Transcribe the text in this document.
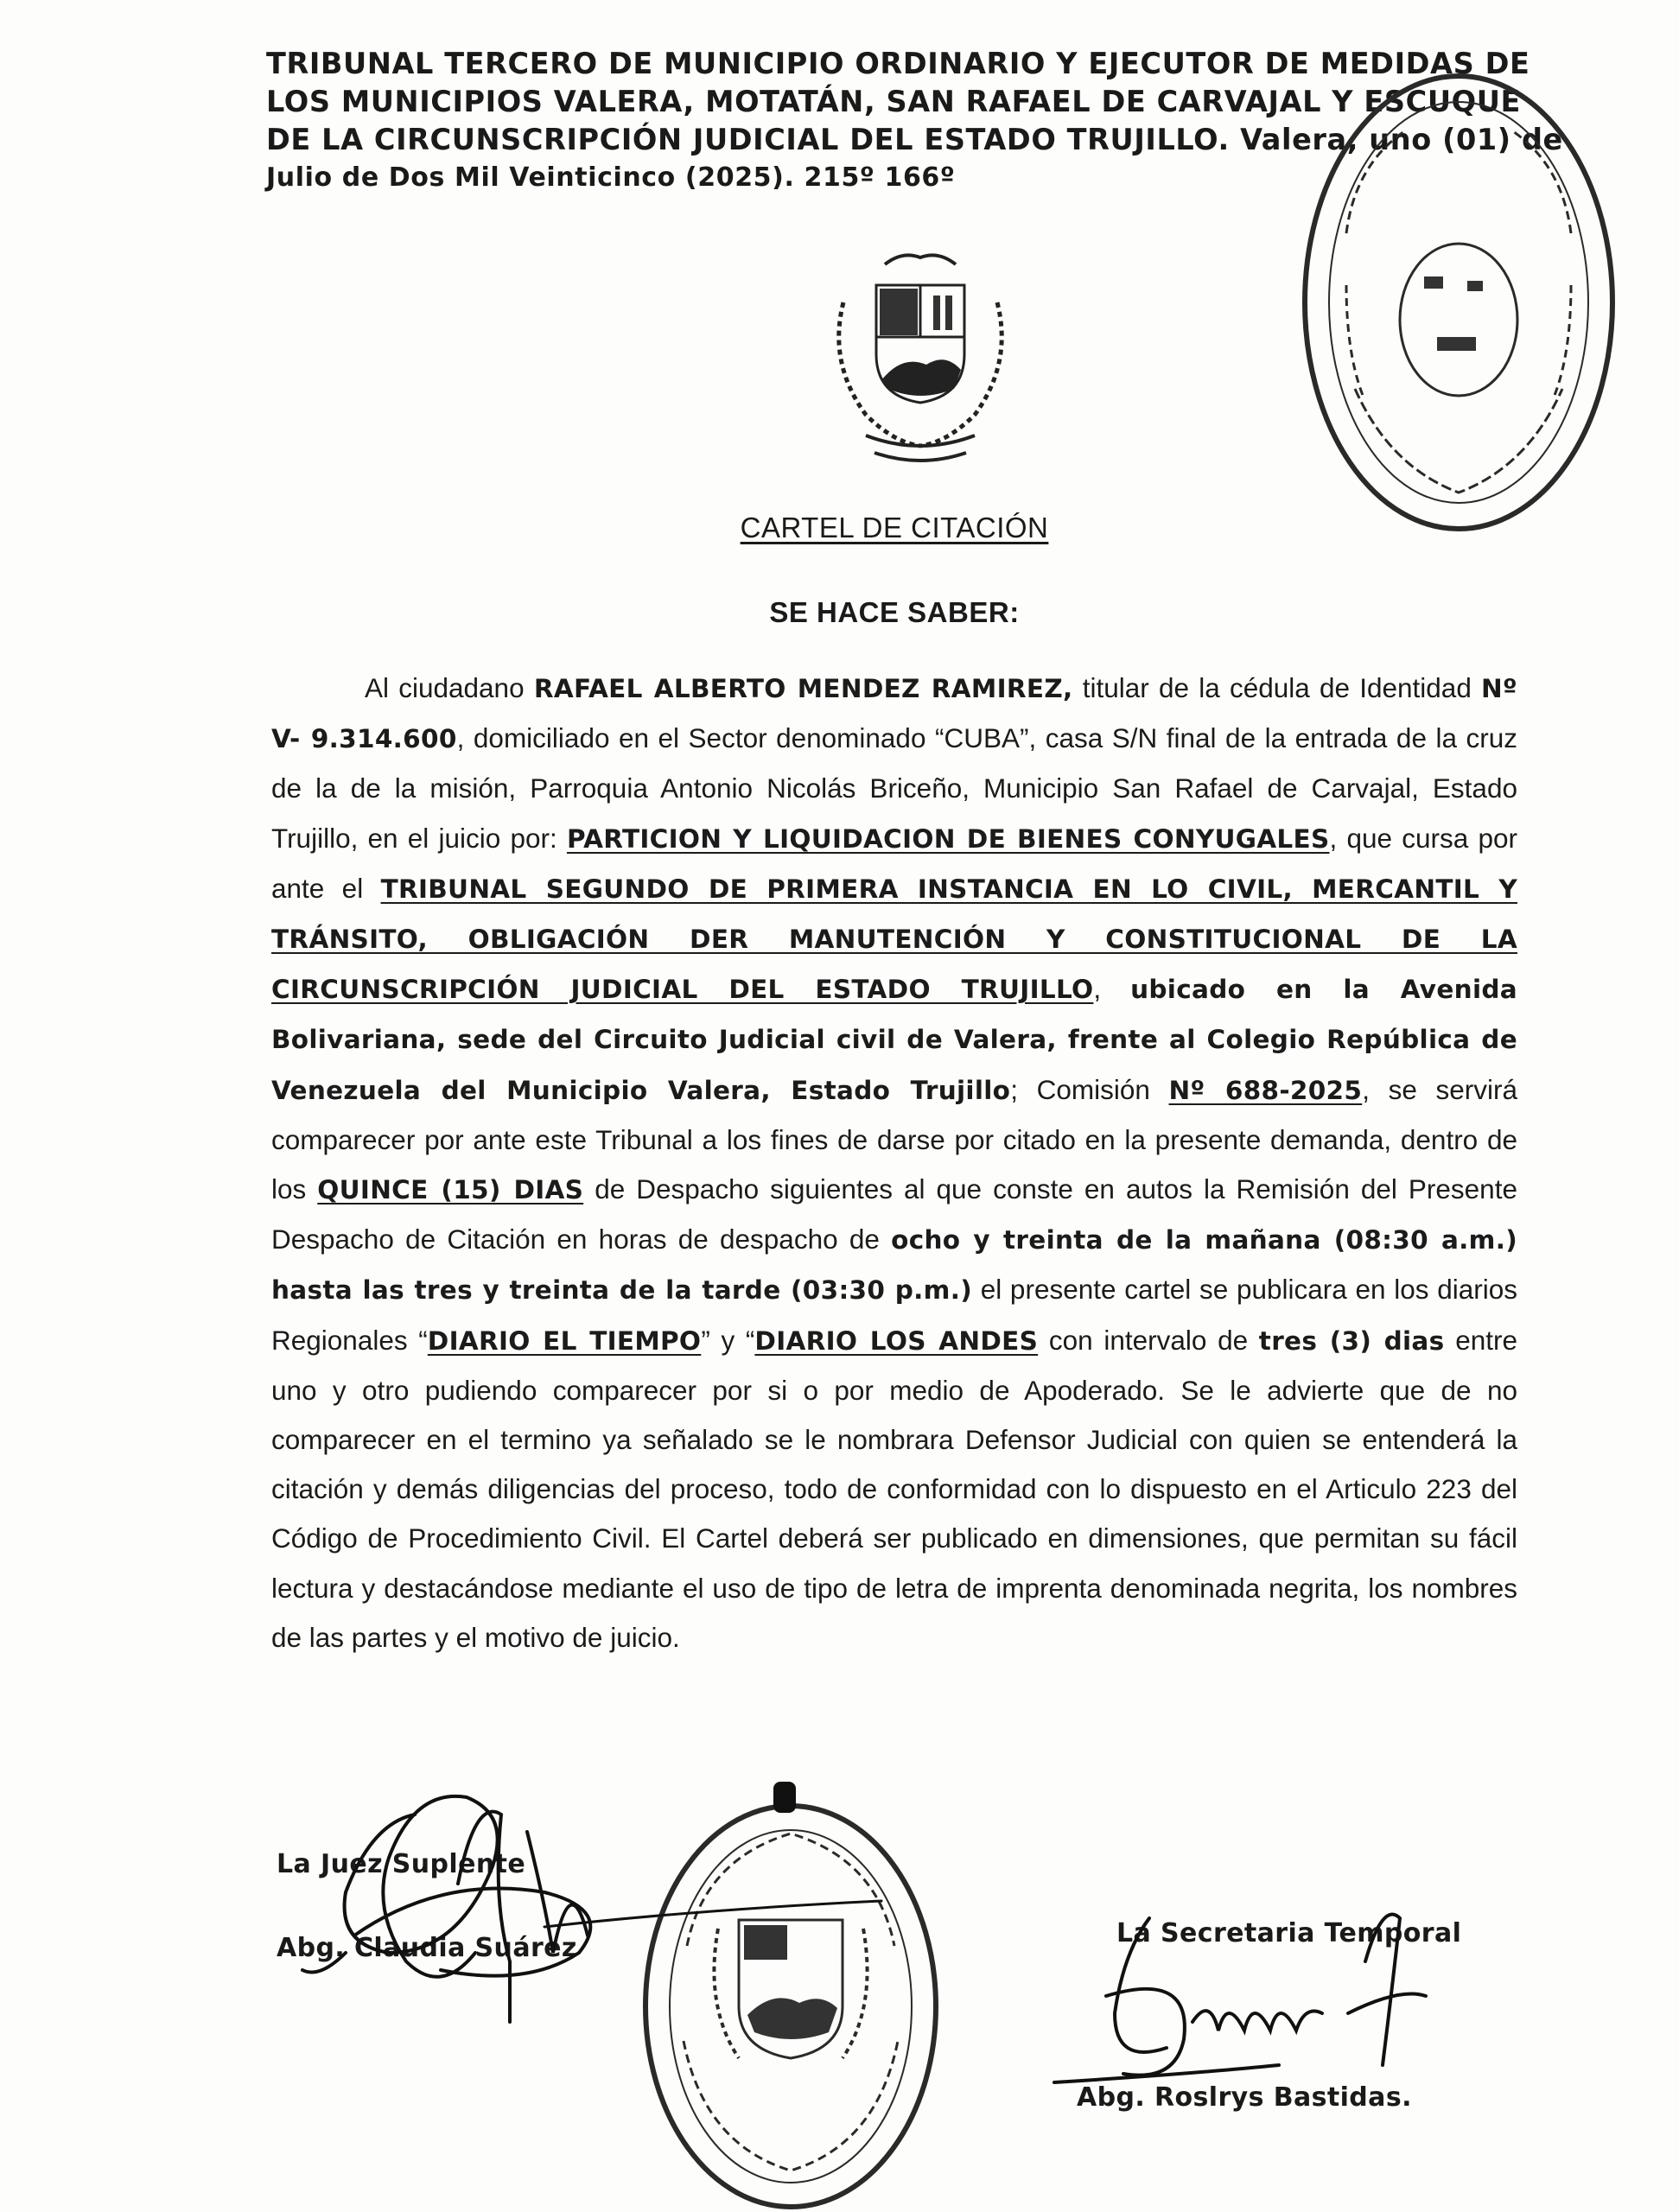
TRIBUNAL TERCERO DE MUNICIPIO ORDINARIO Y EJECUTOR DE MEDIDAS DE
LOS MUNICIPIOS VALERA, MOTATÁN, SAN RAFAEL DE CARVAJAL Y ESCUQUE
DE LA CIRCUNSCRIPCIÓN JUDICIAL DEL ESTADO TRUJILLO. Valera, uno (01) de
Julio de Dos Mil Veinticinco (2025). 215º 166º
CARTEL DE CITACIÓN
SE HACE SABER:
Al ciudadano RAFAEL ALBERTO MENDEZ RAMIREZ, titular de la cédula de Identidad Nº V- 9.314.600, domiciliado en el Sector denominado “CUBA”, casa S/N final de la entrada de la cruz de la de la misión, Parroquia Antonio Nicolás Briceño, Municipio San Rafael de Carvajal, Estado Trujillo, en el juicio por: PARTICION Y LIQUIDACION DE BIENES CONYUGALES, que cursa por ante el TRIBUNAL SEGUNDO DE PRIMERA INSTANCIA EN LO CIVIL, MERCANTIL Y TRÁNSITO, OBLIGACIÓN DER MANUTENCIÓN Y CONSTITUCIONAL DE LA CIRCUNSCRIPCIÓN JUDICIAL DEL ESTADO TRUJILLO, ubicado en la Avenida Bolivariana, sede del Circuito Judicial civil de Valera, frente al Colegio República de Venezuela del Municipio Valera, Estado Trujillo; Comisión Nº 688-2025, se servirá comparecer por ante este Tribunal a los fines de darse por citado en la presente demanda, dentro de los QUINCE (15) DIAS de Despacho siguientes al que conste en autos la Remisión del Presente Despacho de Citación en horas de despacho de ocho y treinta de la mañana (08:30 a.m.) hasta las tres y treinta de la tarde (03:30 p.m.) el presente cartel se publicara en los diarios Regionales “DIARIO EL TIEMPO” y “DIARIO LOS ANDES con intervalo de tres (3) dias entre uno y otro pudiendo comparecer por si o por medio de Apoderado. Se le advierte que de no comparecer en el termino ya señalado se le nombrara Defensor Judicial con quien se entenderá la citación y demás diligencias del proceso, todo de conformidad con lo dispuesto en el Articulo 223 del Código de Procedimiento Civil. El Cartel deberá ser publicado en dimensiones, que permitan su fácil lectura y destacándose mediante el uso de tipo de letra de imprenta denominada negrita, los nombres de las partes y el motivo de juicio.
La Juez Suplente
Abg. Claudia Suárez	La Secretaria Temporal
Abg. Roslrys Bastidas.
